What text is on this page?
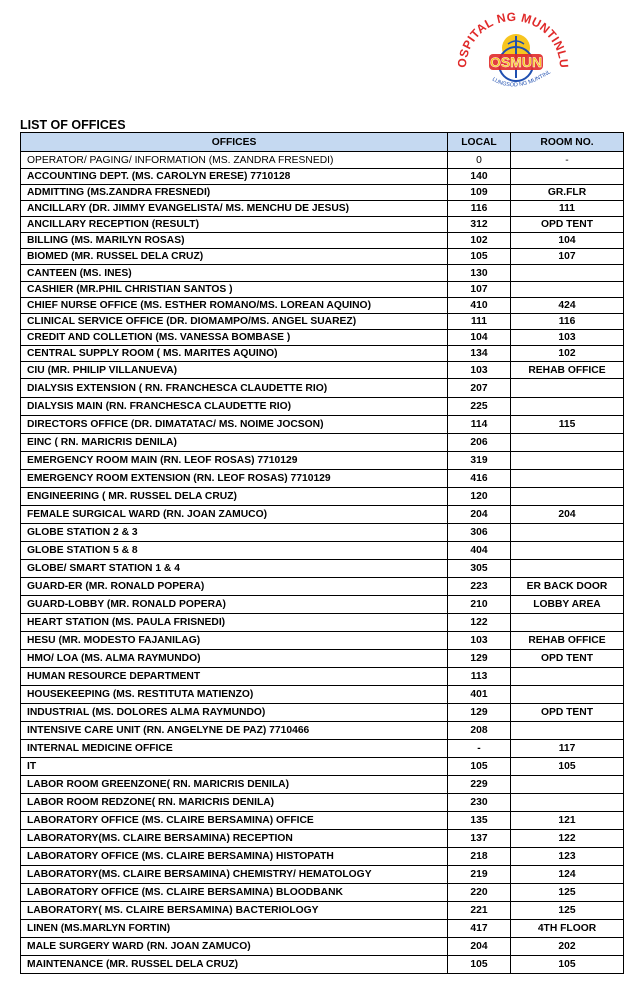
OSPITAL NG MUNTINLU
OSMUN
LUNGSOD NG MUNTINL
LIST OF OFFICES
OFFICES	LOCAL	ROOM NO.
OPERATOR/ PAGING/ INFORMATION (MS. ZANDRA FRESNEDI)	0	-
ACCOUNTING DEPT. (MS. CAROLYN ERESE) 7710128	140	
ADMITTING (MS.ZANDRA FRESNEDI)	109	GR.FLR
ANCILLARY (DR. JIMMY EVANGELISTA/ MS. MENCHU DE JESUS)	116	111
ANCILLARY RECEPTION (RESULT)	312	OPD TENT
BILLING (MS. MARILYN ROSAS)	102	104
BIOMED (MR. RUSSEL DELA CRUZ)	105	107
CANTEEN (MS. INES)	130	
CASHIER (MR.PHIL CHRISTIAN SANTOS )	107	
CHIEF NURSE OFFICE (MS. ESTHER ROMANO/MS. LOREAN AQUINO)	410	424
CLINICAL SERVICE OFFICE (DR. DIOMAMPO/MS. ANGEL SUAREZ)	111	116
CREDIT AND COLLETION (MS. VANESSA BOMBASE )	104	103
CENTRAL SUPPLY ROOM ( MS. MARITES AQUINO)	134	102
CIU (MR. PHILIP VILLANUEVA)	103	REHAB OFFICE
DIALYSIS EXTENSION ( RN. FRANCHESCA CLAUDETTE RIO)	207	
DIALYSIS MAIN (RN. FRANCHESCA CLAUDETTE RIO)	225	
DIRECTORS OFFICE (DR. DIMATATAC/ MS. NOIME JOCSON)	114	115
EINC ( RN. MARICRIS DENILA)	206	
EMERGENCY ROOM MAIN (RN. LEOF ROSAS) 7710129	319	
EMERGENCY ROOM EXTENSION (RN. LEOF ROSAS) 7710129	416	
ENGINEERING ( MR. RUSSEL DELA CRUZ)	120	
FEMALE SURGICAL WARD (RN. JOAN ZAMUCO)	204	204
GLOBE STATION 2 & 3	306	
GLOBE STATION 5 & 8	404	
GLOBE/ SMART STATION 1 & 4	305	
GUARD-ER (MR. RONALD POPERA)	223	ER BACK DOOR
GUARD-LOBBY (MR. RONALD POPERA)	210	LOBBY AREA
HEART STATION (MS. PAULA FRISNEDI)	122	
HESU (MR. MODESTO FAJANILAG)	103	REHAB OFFICE
HMO/ LOA (MS. ALMA RAYMUNDO)	129	OPD TENT
HUMAN RESOURCE DEPARTMENT	113	
HOUSEKEEPING (MS. RESTITUTA MATIENZO)	401	
INDUSTRIAL (MS. DOLORES ALMA RAYMUNDO)	129	OPD TENT
INTENSIVE CARE UNIT (RN. ANGELYNE DE PAZ) 7710466	208	
INTERNAL MEDICINE OFFICE	-	117
IT	105	105
LABOR ROOM GREENZONE( RN. MARICRIS DENILA)	229	
LABOR ROOM REDZONE( RN. MARICRIS DENILA)	230	
LABORATORY OFFICE (MS. CLAIRE BERSAMINA) OFFICE	135	121
LABORATORY(MS. CLAIRE BERSAMINA) RECEPTION	137	122
LABORATORY OFFICE (MS. CLAIRE BERSAMINA) HISTOPATH	218	123
LABORATORY(MS. CLAIRE BERSAMINA) CHEMISTRY/ HEMATOLOGY	219	124
LABORATORY OFFICE (MS. CLAIRE BERSAMINA) BLOODBANK	220	125
LABORATORY( MS. CLAIRE BERSAMINA) BACTERIOLOGY	221	125
LINEN (MS.MARLYN FORTIN)	417	4TH FLOOR
MALE SURGERY WARD (RN. JOAN ZAMUCO)	204	202
MAINTENANCE (MR. RUSSEL DELA CRUZ)	105	105
